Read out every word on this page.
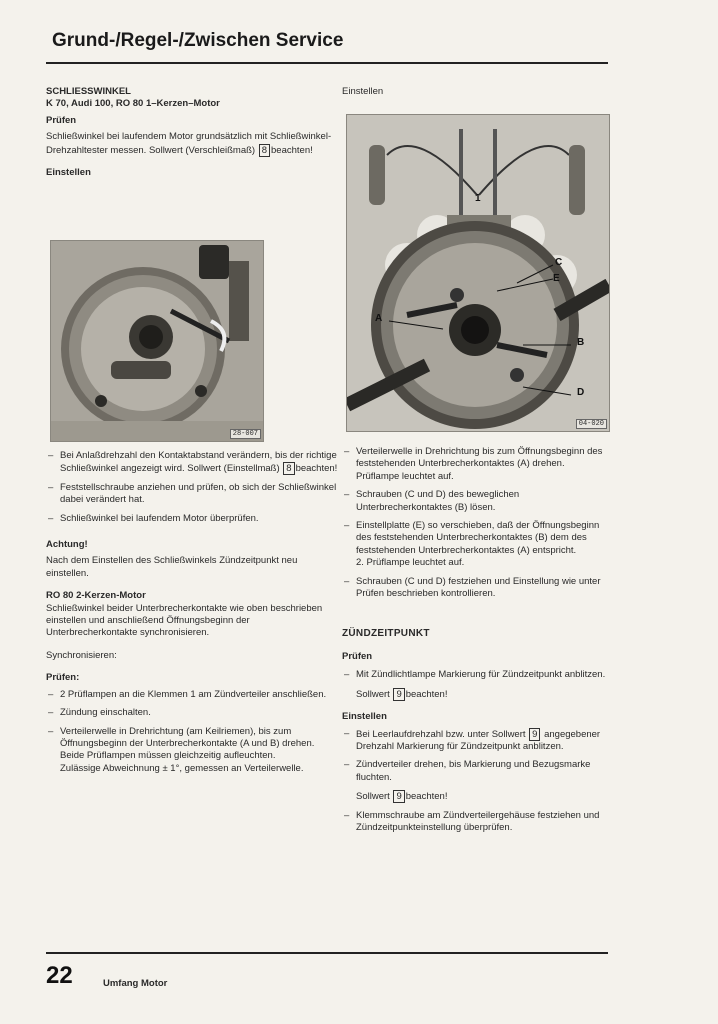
Grund-/Regel-/Zwischen Service

SCHLIESSWINKEL

K 70, Audi 100, RO 80 1–Kerzen–Motor

Prüfen

Schließwinkel bei laufendem Motor grundsätzlich mit Schließwinkel-Drehzahltester messen. Sollwert (Verschleißmaß) 8 beachten!

Einstellen

28-007
– Bei Anlaßdrehzahl den Kontaktabstand verändern, bis der richtige Schließwinkel angezeigt wird. Sollwert (Einstellmaß) 8 beachten!
– Feststellschraube anziehen und prüfen, ob sich der Schließwinkel dabei verändert hat.
– Schließwinkel bei laufendem Motor überprüfen.

Achtung!

Nach dem Einstellen des Schließwinkels Zündzeitpunkt neu einstellen.

RO 80 2-Kerzen-Motor

Schließwinkel beider Unterbrecherkontakte wie oben beschrieben einstellen und anschließend Öffnungsbeginn der Unterbrecherkontakte synchronisieren.

Synchronisieren:

Prüfen:

– 2 Prüflampen an die Klemmen 1 am Zündverteiler anschließen.
– Zündung einschalten.
– Verteilerwelle in Drehrichtung (am Keilriemen), bis zum Öffnungsbeginn der Unterbrecherkontakte (A und B) drehen. Beide Prüflampen müssen gleichzeitig aufleuchten.

Zulässige Abweichnung ± 1°, gemessen an Verteilerwelle.

Einstellen

1
A
B
C
D
E
04-020
– Verteilerwelle in Drehrichtung bis zum Öffnungsbeginn des feststehenden Unterbrecherkontaktes (A) drehen.
Prüflampe leuchtet auf.
– Schrauben (C und D) des beweglichen Unterbrecherkontaktes (B) lösen.
– Einstellplatte (E) so verschieben, daß der Öffnungsbeginn des feststehenden Unterbrecherkontaktes (B) dem des feststehenden Unterbrecherkontaktes (A) entspricht.
2. Prüflampe leuchtet auf.
– Schrauben (C und D) festziehen und Einstellung wie unter Prüfen beschrieben kontrollieren.

ZÜNDZEITPUNKT

Prüfen

– Mit Zündlichtlampe Markierung für Zündzeitpunkt anblitzen.

Sollwert 9 beachten!

Einstellen

– Bei Leerlaufdrehzahl bzw. unter Sollwert 9 angegebener Drehzahl Markierung für Zündzeitpunkt anblitzen.
– Zündverteiler drehen, bis Markierung und Bezugsmarke fluchten.

Sollwert 9 beachten!

– Klemmschraube am Zündverteilergehäuse festziehen und Zündzeitpunkteinstellung überprüfen.
22	Umfang Motor
